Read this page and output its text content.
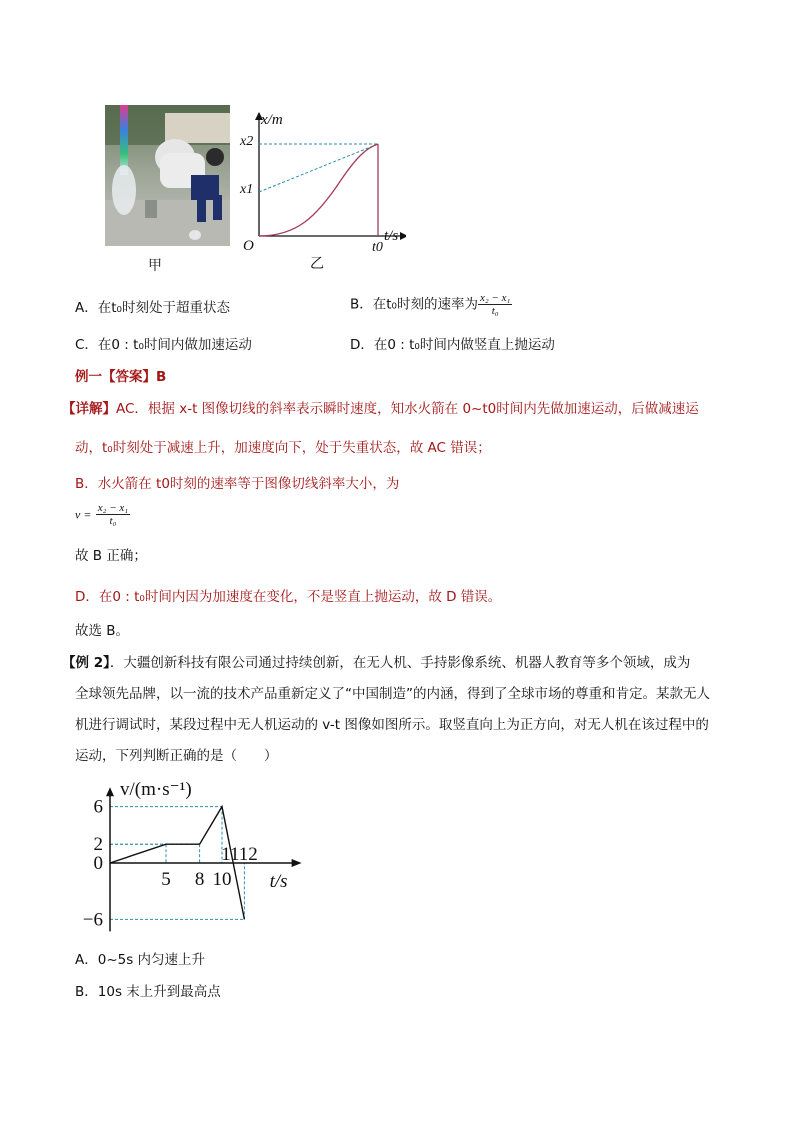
甲
x/m
t/s
O
x2
x1
t0
乙
A．在t₀时刻处于超重状态	B．在t₀时刻的速率为 $\frac{\text{x₂ − x₁}}{\text{t₀}}$
C．在0 : t₀时间内做加速运动	D．在0 : t₀时间内做竖直上抛运动
例一【答案】B
【详解】AC．根据 x-t 图像切线的斜率表示瞬时速度，知水火箭在 0~t0时间内先做加速运动，后做减速运
动，t₀时刻处于减速上升，加速度向下，处于失重状态，故 AC 错误；
B．水火箭在 t0时刻的速率等于图像切线斜率大小，为
$v = \frac{\text{x₂ − x₁}}{\text{t₀}}$
故 B 正确；
D．在0 : t₀时间内因为加速度在变化，不是竖直上抛运动，故 D 错误。
故选 B。
【例 2】．大疆创新科技有限公司通过持续创新，在无人机、手持影像系统、机器人教育等多个领域，成为
全球领先品牌，以一流的技术产品重新定义了“中国制造”的内涵，得到了全球市场的尊重和肯定。某款无人
机进行调试时，某段过程中无人机运动的 v-t 图像如图所示。取竖直向上为正方向，对无人机在该过程中的
运动，下列判断正确的是（　　）
6
2
0
−6
5 8 10
v/(m·s⁻¹)
t/s
1112
A．0~5s 内匀速上升
B．10s 末上升到最高点
